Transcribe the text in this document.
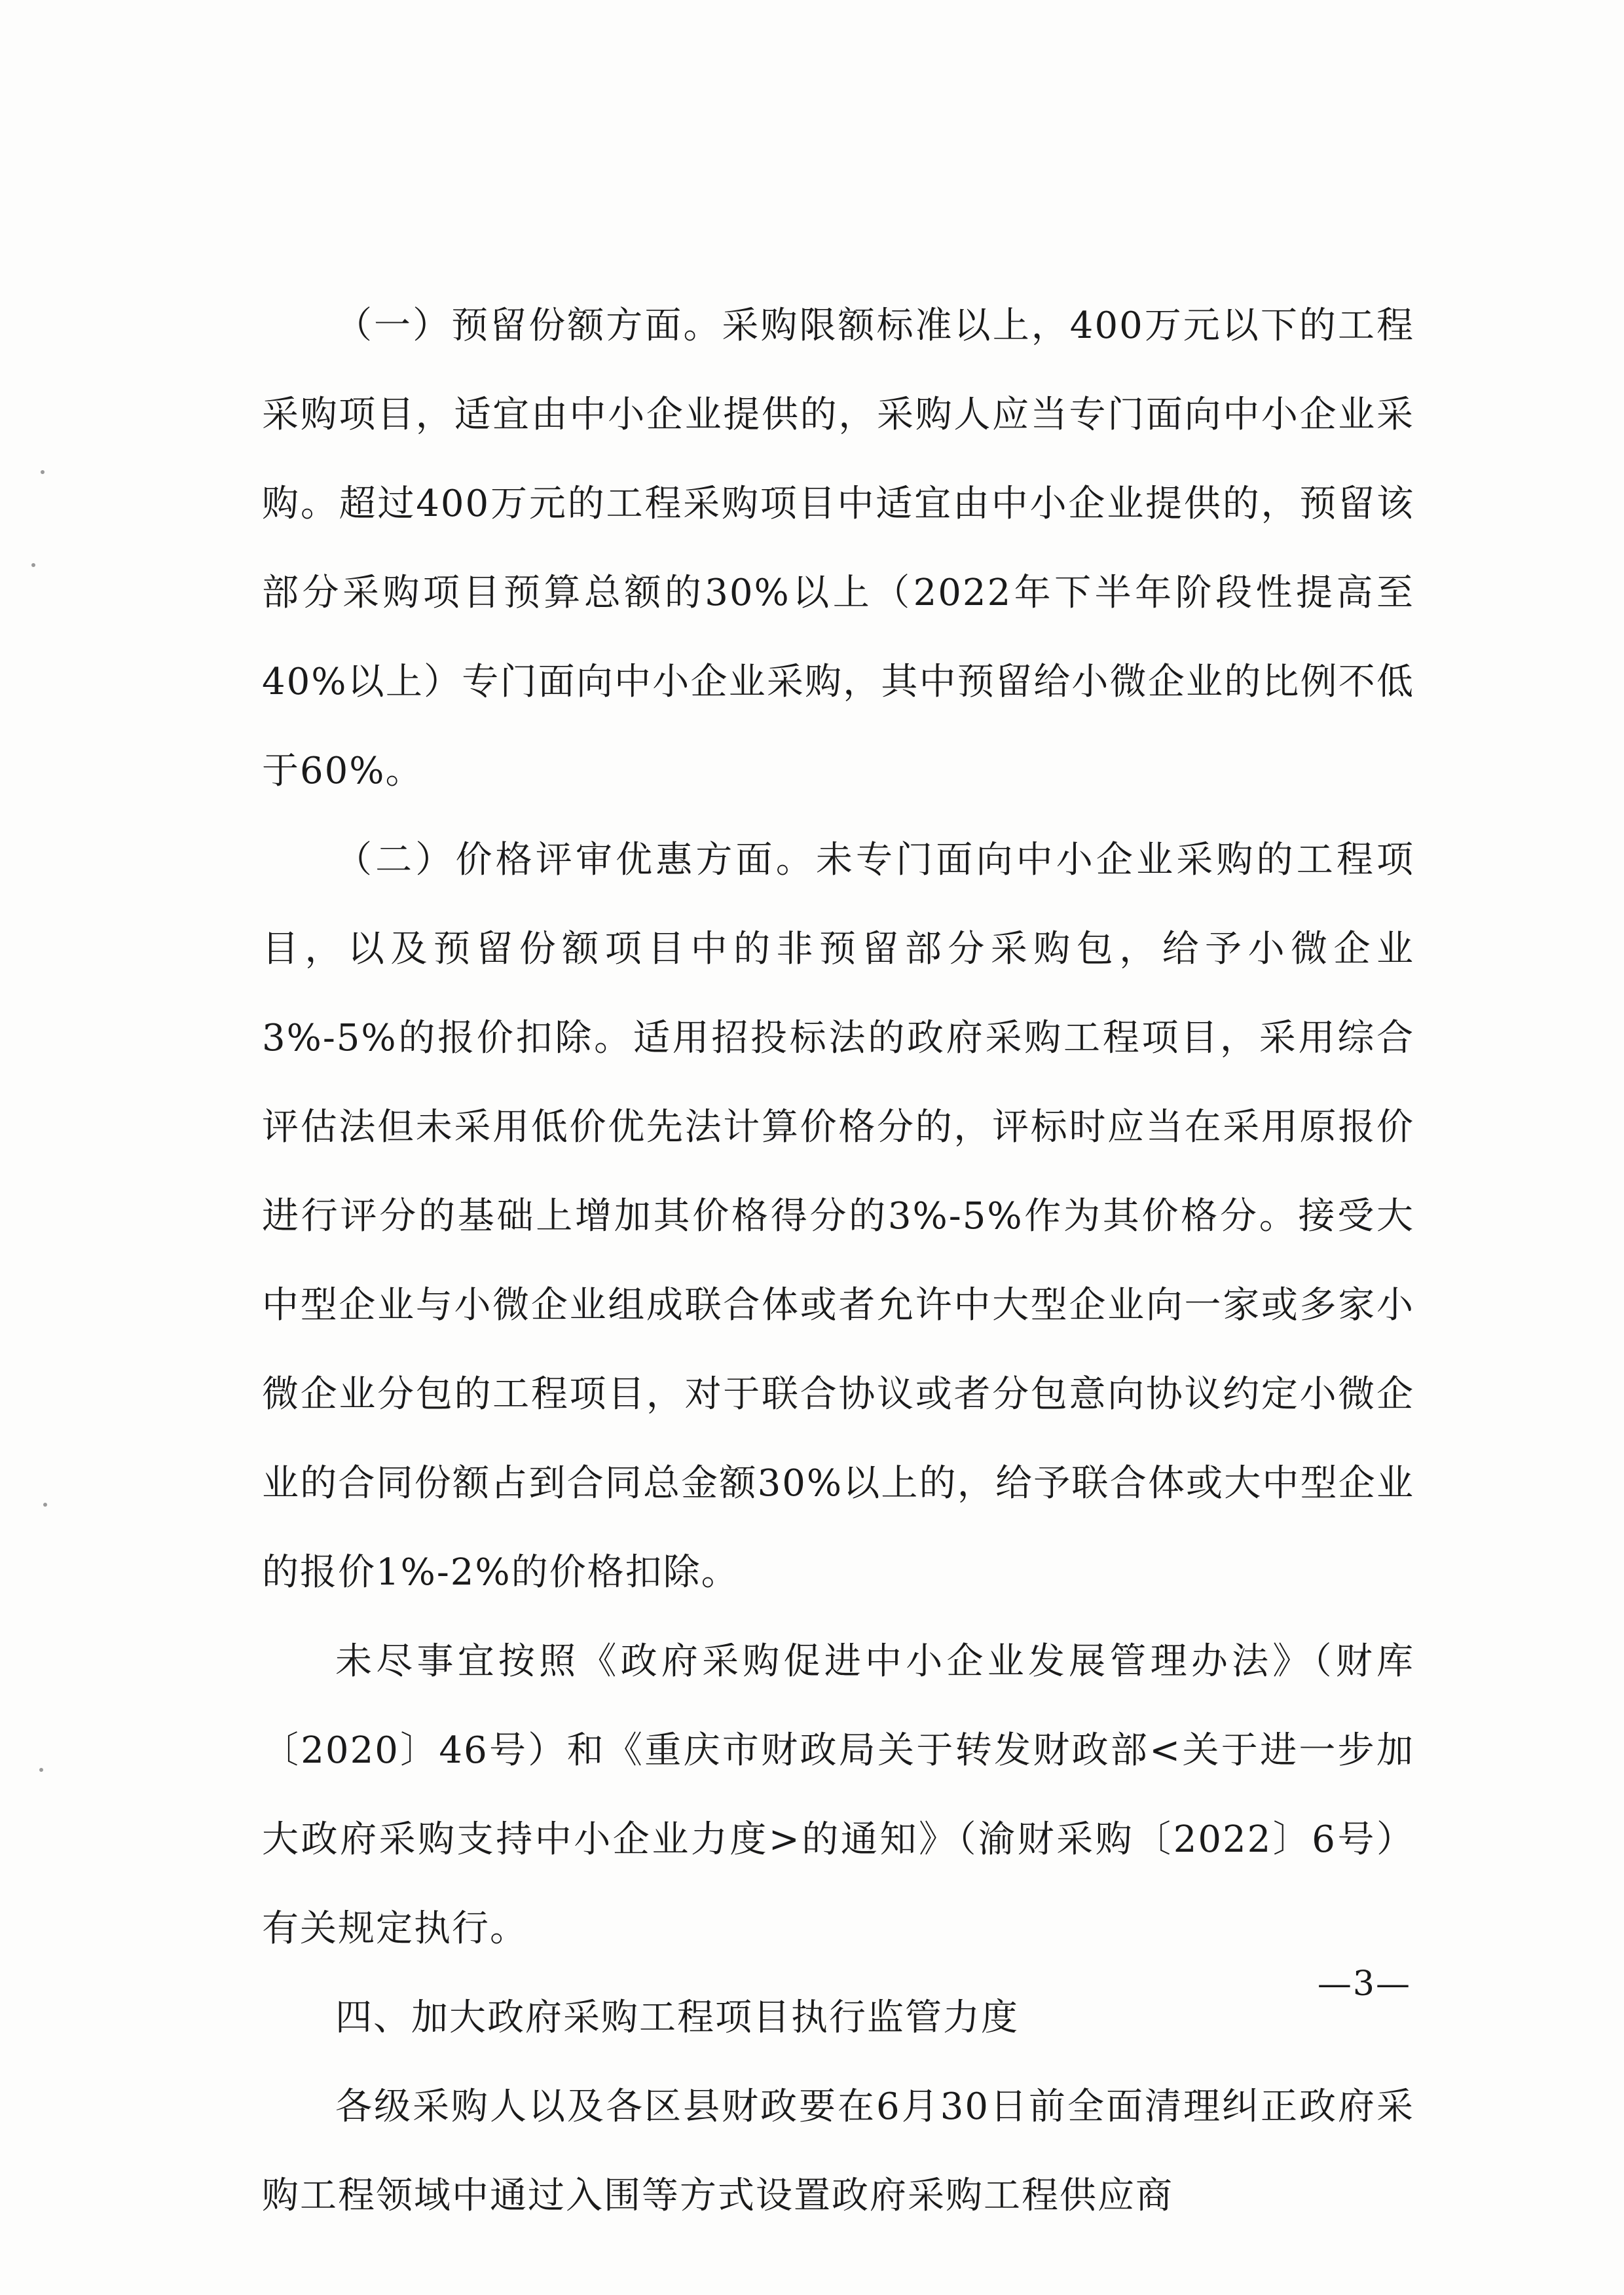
（一）预留份额方面。采购限额标准以上，400万元以下的工程采购项目，适宜由中小企业提供的，采购人应当专门面向中小企业采购。超过400万元的工程采购项目中适宜由中小企业提供的，预留该部分采购项目预算总额的30%以上（2022年下半年阶段性提高至40%以上）专门面向中小企业采购，其中预留给小微企业的比例不低于60%。

（二）价格评审优惠方面。未专门面向中小企业采购的工程项目，以及预留份额项目中的非预留部分采购包，给予小微企业3%-5%的报价扣除。适用招投标法的政府采购工程项目，采用综合评估法但未采用低价优先法计算价格分的，评标时应当在采用原报价进行评分的基础上增加其价格得分的3%-5%作为其价格分。接受大中型企业与小微企业组成联合体或者允许中大型企业向一家或多家小微企业分包的工程项目，对于联合协议或者分包意向协议约定小微企业的合同份额占到合同总金额30%以上的，给予联合体或大中型企业的报价1%-2%的价格扣除。

未尽事宜按照《政府采购促进中小企业发展管理办法》（财库〔2020〕46号）和《重庆市财政局关于转发财政部<关于进一步加大政府采购支持中小企业力度>的通知》（渝财采购〔2022〕6号）有关规定执行。

四、加大政府采购工程项目执行监管力度

各级采购人以及各区县财政要在6月30日前全面清理纠正政府采购工程领域中通过入围等方式设置政府采购工程供应商

—3—
